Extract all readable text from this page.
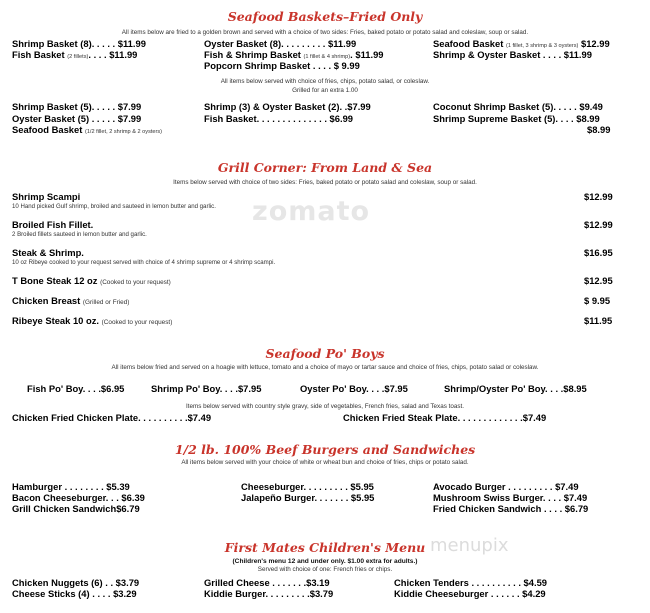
zomato
menupix
Seafood Baskets–Fried Only
All items below are fried to a golden brown and served with a choice of two sides: Fries, baked potato or potato salad and coleslaw, soup or salad.
Shrimp Basket (8). . . . . $11.99
Fish Basket (2 fillets). . . . $11.99
Oyster Basket (8). . . . . . . . . $11.99
Fish & Shrimp Basket (1 fillet & 4 shrimp). $11.99
Popcorn Shrimp Basket . . . . $ 9.99
Seafood Basket (1 fillet, 3 shrimp & 3 oysters) $12.99
Shrimp & Oyster Basket . . . . $11.99
All items below served with choice of fries, chips, potato salad, or coleslaw.
Grilled for an extra 1.00
Shrimp Basket (5). . . . . $7.99
Oyster Basket (5) . . . . . $7.99
Shrimp (3) & Oyster Basket (2). .$7.99
Fish Basket. . . . . . . . . . . . . . $6.99
Coconut Shrimp Basket (5). . . . . $9.49
Shrimp Supreme Basket (5). . . . $8.99
Seafood Basket (1/2 fillet, 2 shrimp & 2 oysters)	$8.99
Grill Corner: From Land & Sea
Items below served with choice of two sides: Fries, baked potato or potato salad and coleslaw, soup or salad.
Shrimp Scampi
10 Hand picked Gulf shrimp, broiled and sauteed in lemon butter and garlic.
$12.99
Broiled Fish Fillet.
2 Broiled fillets sauteed in lemon butter and garlic.
$12.99
Steak & Shrimp.
10 oz Ribeye cooked to your request served with choice of 4 shrimp supreme or 4 shrimp scampi.
$16.95
T Bone Steak 12 oz (Cooked to your request)	$12.95
Chicken Breast (Grilled or Fried)	$ 9.95
Ribeye Steak 10 oz. (Cooked to your request)	$11.95
Seafood Po' Boys
All items below fried and served on a hoagie with lettuce, tomato and a choice of mayo or tartar sauce and choice of fries, chips, potato salad or coleslaw.
Fish Po' Boy. . . .$6.95	Shrimp Po' Boy. . . .$7.95	Oyster Po' Boy. . . .$7.95	Shrimp/Oyster Po' Boy. . . .$8.95
Items below served with country style gravy, side of vegetables, French fries, salad and Texas toast.
Chicken Fried Chicken Plate. . . . . . . . . .$7.49	Chicken Fried Steak Plate. . . . . . . . . . . . .$7.49
1/2 lb. 100% Beef Burgers and Sandwiches
All items below served with your choice of white or wheat bun and choice of fries, chips or potato salad.
Hamburger . . . . . . . . $5.39
Bacon Cheeseburger. . . $6.39
Grill Chicken Sandwich$6.79
Cheeseburger. . . . . . . . . $5.95
Jalapeño Burger. . . . . . . $5.95
Avocado Burger . . . . . . . . . $7.49
Mushroom Swiss Burger. . . . $7.49
Fried Chicken Sandwich . . . . $6.79
First Mates Children's Menu
(Children's menu 12 and under only. $1.00 extra for adults.)
Served with choice of one: French fries or chips.
Chicken Nuggets (6) . . $3.79
Cheese Sticks (4) . . . . $3.29
Grilled Cheese . . . . . . .$3.19
Kiddie Burger. . . . . . . . .$3.79
Chicken Tenders . . . . . . . . . . $4.59
Kiddie Cheeseburger . . . . . . $4.29
